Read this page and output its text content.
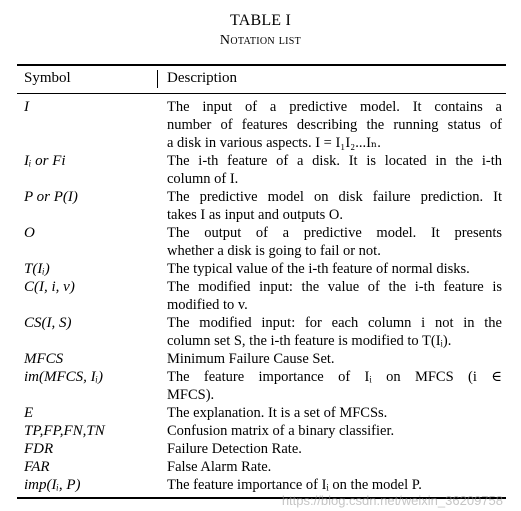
TABLE I
Notation list
Symbol	Description
I	The input of a predictive model. It contains a
number of features describing the running status of
a disk in various aspects. I = I₁I₂...Iₙ.
Iᵢ or Fi	The i-th feature of a disk. It is located in the i-th
column of I.
P or P(I)	The predictive model on disk failure prediction. It
takes I as input and outputs O.
O	The output of a predictive model. It presents
whether a disk is going to fail or not.
T(Iᵢ)	The typical value of the i-th feature of normal disks.
C(I, i, v)	The modified input: the value of the i-th feature is
modified to v.
CS(I, S)	The modified input: for each column i not in the
column set S, the i-th feature is modified to T(Iᵢ).
MFCS	Minimum Failure Cause Set.
im(MFCS, Iᵢ)	The feature importance of Iᵢ on MFCS (i ∈
MFCS).
E	The explanation. It is a set of MFCSs.
TP,FP,FN,TN	Confusion matrix of a binary classifier.
FDR	Failure Detection Rate.
FAR	False Alarm Rate.
imp(Iᵢ, P)	The feature importance of Iᵢ on the model P.
https://blog.csdn.net/weixin_36209758
